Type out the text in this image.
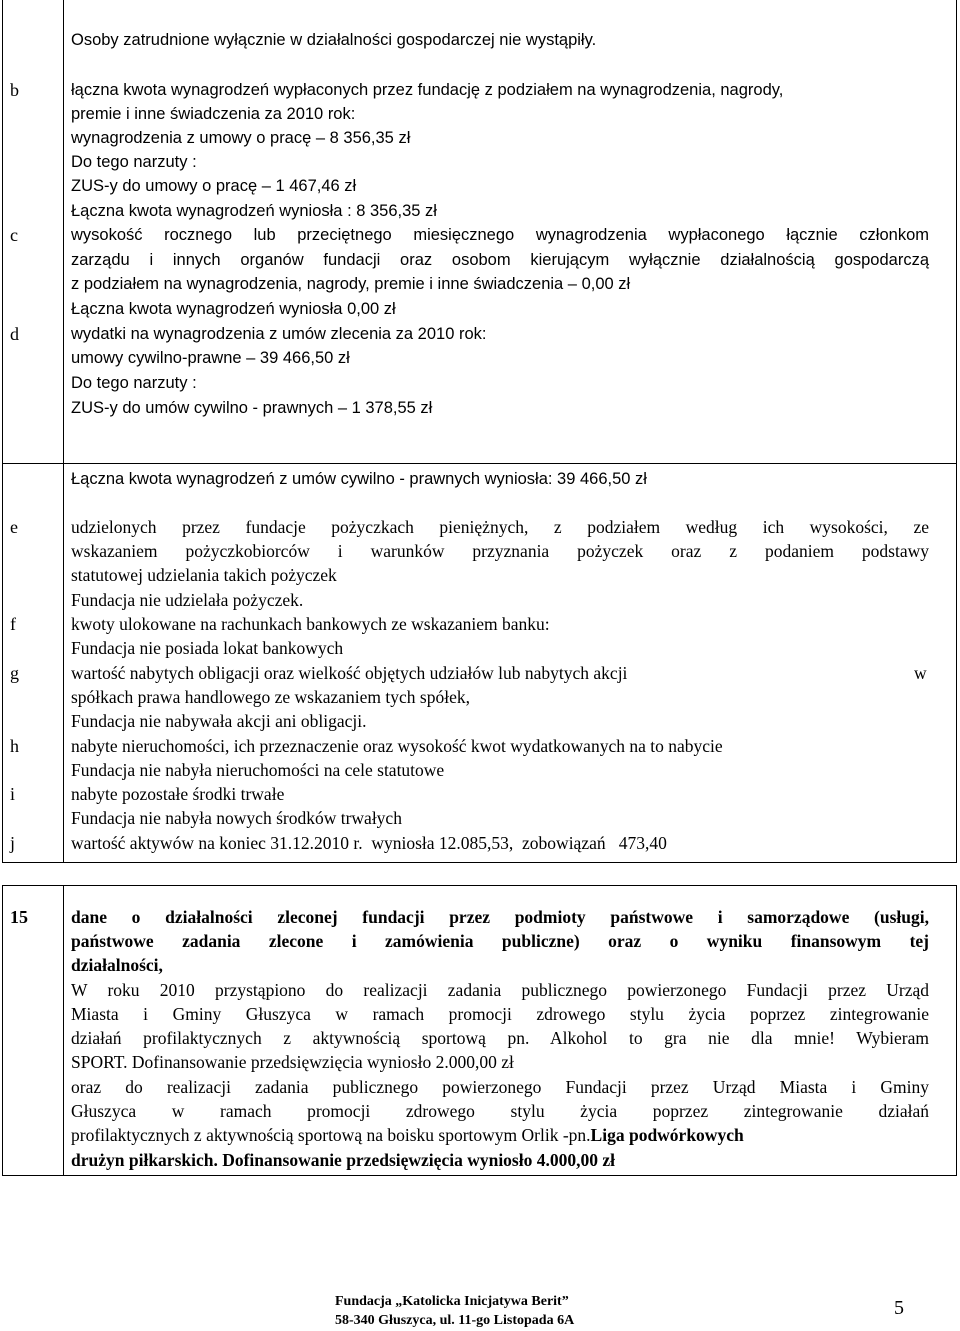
Osoby zatrudnione wyłącznie w działalności gospodarczej nie wystąpiły.
b	łączna kwota wynagrodzeń wypłaconych przez fundację z podziałem na wynagrodzenia, nagrody,
premie i inne świadczenia za 2010 rok:
wynagrodzenia z umowy o pracę – 8 356,35 zł
Do tego narzuty :
ZUS-y do umowy o pracę – 1 467,46 zł
Łączna kwota wynagrodzeń wyniosła : 8 356,35 zł
c	wysokość rocznego lub przeciętnego miesięcznego wynagrodzenia wypłaconego łącznie członkom
zarządu i innych organów fundacji oraz osobom kierującym wyłącznie działalnością gospodarczą
z podziałem na wynagrodzenia, nagrody, premie i inne świadczenia – 0,00 zł
Łączna kwota wynagrodzeń wyniosła 0,00 zł
d	wydatki na wynagrodzenia z umów zlecenia za 2010 rok:
umowy cywilno-prawne – 39 466,50 zł
Do tego narzuty :
ZUS-y do umów cywilno - prawnych – 1 378,55 zł
Łączna kwota wynagrodzeń z umów cywilno - prawnych wyniosła: 39 466,50 zł
e	udzielonych przez fundacje pożyczkach pieniężnych, z podziałem według ich wysokości, ze
wskazaniem pożyczkobiorców i warunków przyznania pożyczek oraz z podaniem podstawy
statutowej udzielania takich pożyczek
Fundacja nie udzielała pożyczek.
f	kwoty ulokowane na rachunkach bankowych ze wskazaniem banku:
Fundacja nie posiada lokat bankowych
g	wartość nabytych obligacji oraz wielkość objętych udziałów lub nabytych akcji	w
spółkach prawa handlowego ze wskazaniem tych spółek,
Fundacja nie nabywała akcji ani obligacji.
h	nabyte nieruchomości, ich przeznaczenie oraz wysokość kwot wydatkowanych na to nabycie
Fundacja nie nabyła nieruchomości na cele statutowe
i	nabyte pozostałe środki trwałe
Fundacja nie nabyła nowych środków trwałych
j	wartość aktywów na koniec 31.12.2010 r.  wyniosła 12.085,53,  zobowiązań   473,40
15 dane o działalności zleconej fundacji przez podmioty państwowe i samorządowe (usługi,
państwowe zadania zlecone i zamówienia publiczne) oraz o wyniku finansowym tej
działalności,
W roku 2010 przystąpiono do realizacji zadania publicznego powierzonego Fundacji przez Urząd
Miasta i Gminy Głuszyca w ramach promocji zdrowego stylu życia poprzez zintegrowanie
działań profilaktycznych z aktywnością sportową pn. Alkohol to gra nie dla mnie! Wybieram
SPORT. Dofinansowanie przedsięwzięcia wyniosło 2.000,00 zł
oraz do realizacji zadania publicznego powierzonego Fundacji przez Urząd Miasta i Gminy
Głuszyca w ramach promocji zdrowego stylu życia poprzez zintegrowanie działań
profilaktycznych z aktywnością sportową na boisku sportowym Orlik -pn.Liga podwórkowych
drużyn piłkarskich. Dofinansowanie przedsięwzięcia wyniosło 4.000,00 zł
Fundacja „Katolicka Inicjatywa Berit”
58-340 Głuszyca, ul. 11-go Listopada 6A
5
